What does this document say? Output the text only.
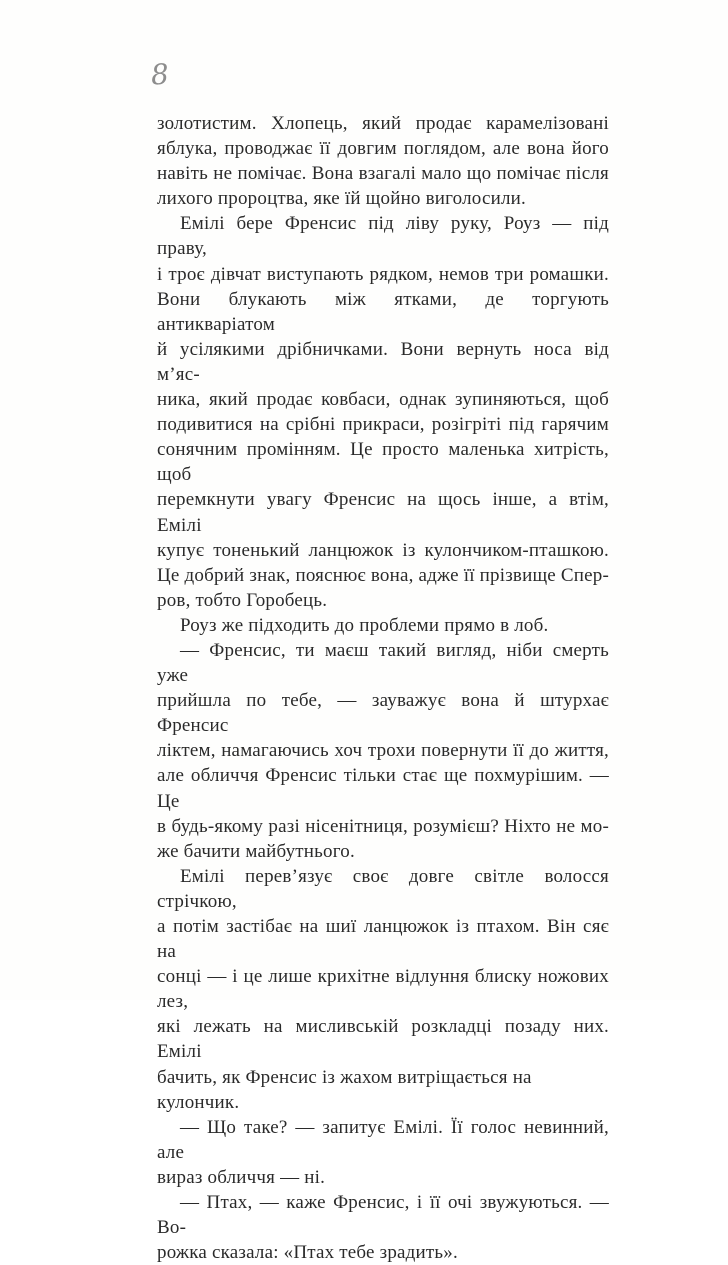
8
золотистим. Хлопець, який продає карамелізовані
яблука, проводжає її довгим поглядом, але вона його
навіть не помічає. Вона взагалі мало що помічає після
лихого пророцтва, яке їй щойно виголосили.
Емілі бере Френсис під ліву руку, Роуз — під праву,
і троє дівчат виступають рядком, немов три ромашки.
Вони блукають між ятками, де торгують антикваріатом
й усілякими дрібничками. Вони вернуть носа від м’яс-
ника, який продає ковбаси, однак зупиняються, щоб
подивитися на срібні прикраси, розігріті під гарячим
сонячним промінням. Це просто маленька хитрість, щоб
перемкнути увагу Френсис на щось інше, а втім, Емілі
купує тоненький ланцюжок із кулончиком-пташкою.
Це добрий знак, пояснює вона, адже її прізвище Спер-
ров, тобто Горобець.
Роуз же підходить до проблеми прямо в лоб.
— Френсис, ти маєш такий вигляд, ніби смерть уже
прийшла по тебе, — зауважує вона й штурхає Френсис
ліктем, намагаючись хоч трохи повернути її до життя,
але обличчя Френсис тільки стає ще похмурішим. — Це
в будь-якому разі нісенітниця, розумієш? Ніхто не мо-
же бачити майбутнього.
Емілі перев’язує своє довге світле волосся стрічкою,
а потім застібає на шиї ланцюжок із птахом. Він сяє на
сонці — і це лише крихітне відлуння блиску ножових лез,
які лежать на мисливській розкладці позаду них. Емілі
бачить, як Френсис із жахом витріщається на кулончик.
— Що таке? — запитує Емілі. Її голос невинний, але
вираз обличчя — ні.
— Птах, — каже Френсис, і її очі звужуються. — Во-
рожка сказала: «Птах тебе зрадить».
